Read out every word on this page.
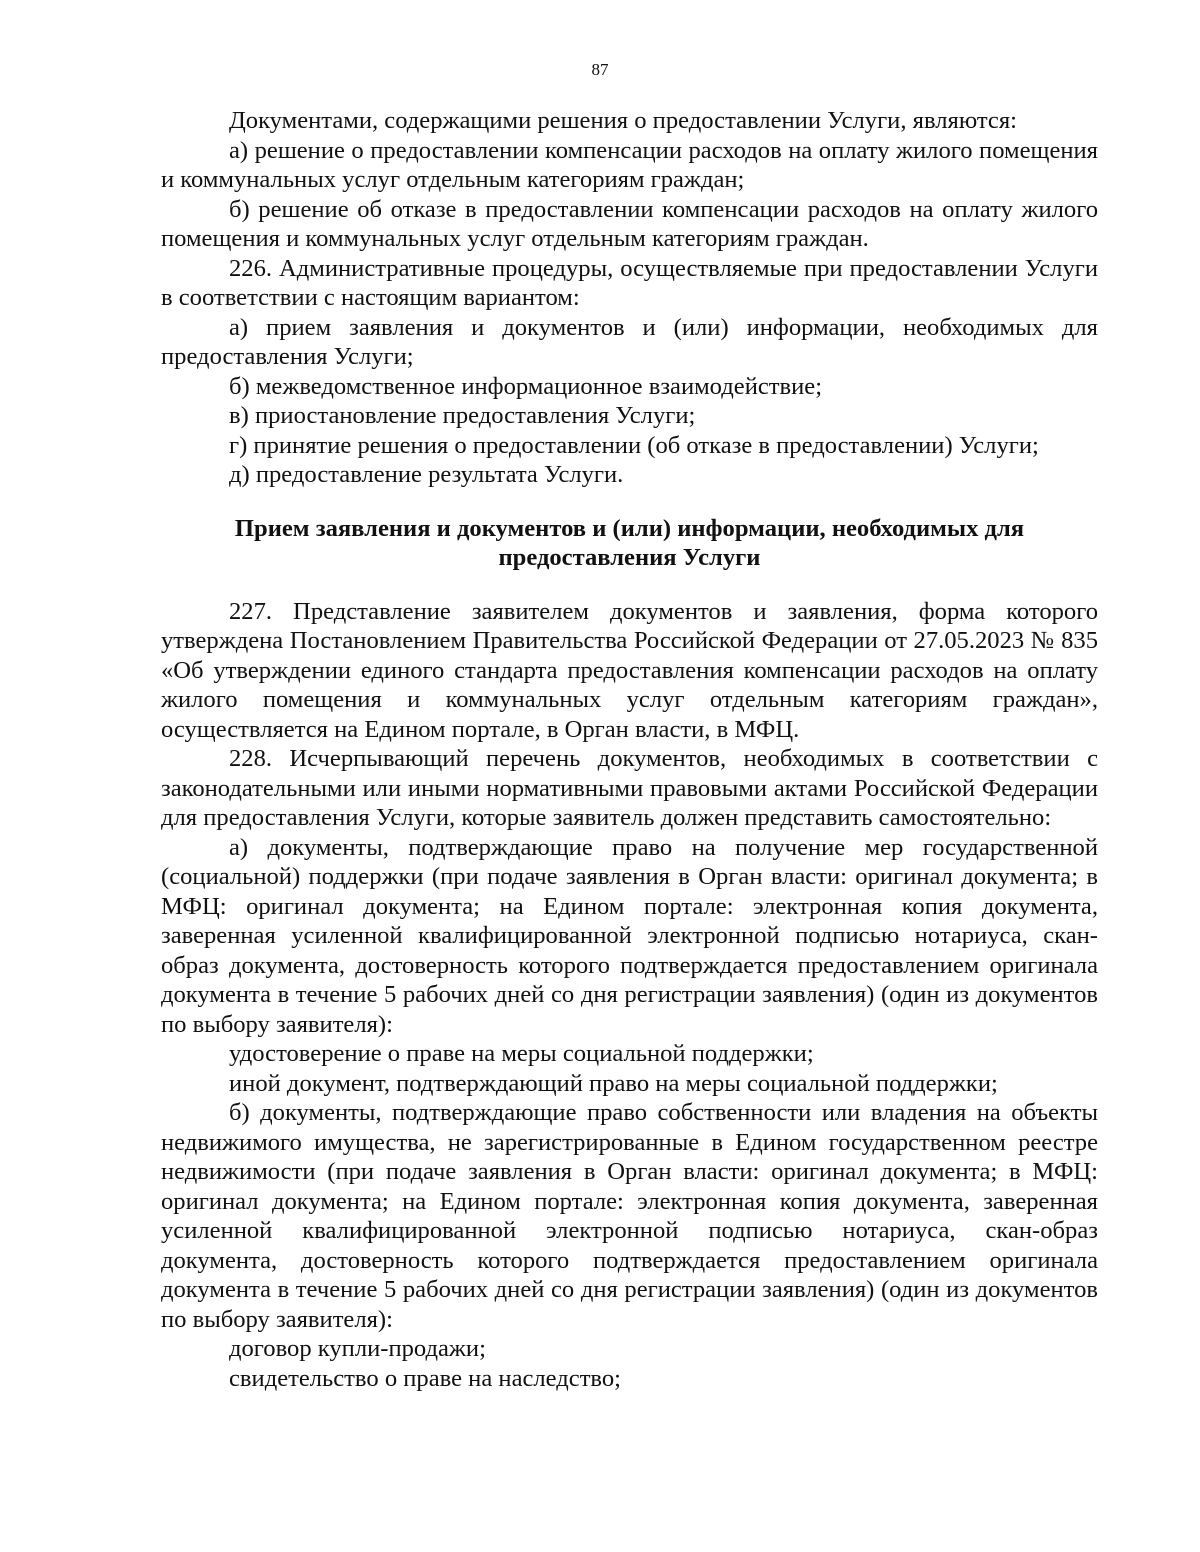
87

Документами, содержащими решения о предоставлении Услуги, являются:

а) решение о предоставлении компенсации расходов на оплату жилого помещения и коммунальных услуг отдельным категориям граждан;

б) решение об отказе в предоставлении компенсации расходов на оплату жилого помещения и коммунальных услуг отдельным категориям граждан.

226. Административные процедуры, осуществляемые при предоставлении Услуги в соответствии с настоящим вариантом:

а) прием заявления и документов и (или) информации, необходимых для предоставления Услуги;

б) межведомственное информационное взаимодействие;

в) приостановление предоставления Услуги;

г) принятие решения о предоставлении (об отказе в предоставлении) Услуги;

д) предоставление результата Услуги.

Прием заявления и документов и (или) информации, необходимых для предоставления Услуги

227. Представление заявителем документов и заявления, форма которого утверждена Постановлением Правительства Российской Федерации от 27.05.2023 № 835 «Об утверждении единого стандарта предоставления компенсации расходов на оплату жилого помещения и коммунальных услуг отдельным категориям граждан», осуществляется на Едином портале, в Орган власти, в МФЦ.

228. Исчерпывающий перечень документов, необходимых в соответствии с законодательными или иными нормативными правовыми актами Российской Федерации для предоставления Услуги, которые заявитель должен представить самостоятельно:

а) документы, подтверждающие право на получение мер государственной (социальной) поддержки (при подаче заявления в Орган власти: оригинал документа; в МФЦ: оригинал документа; на Едином портале: электронная копия документа, заверенная усиленной квалифицированной электронной подписью нотариуса, скан-образ документа, достоверность которого подтверждается предоставлением оригинала документа в течение 5 рабочих дней со дня регистрации заявления) (один из документов по выбору заявителя):

удостоверение о праве на меры социальной поддержки;

иной документ, подтверждающий право на меры социальной поддержки;

б) документы, подтверждающие право собственности или владения на объекты недвижимого имущества, не зарегистрированные в Едином государственном реестре недвижимости (при подаче заявления в Орган власти: оригинал документа; в МФЦ: оригинал документа; на Едином портале: электронная копия документа, заверенная усиленной квалифицированной электронной подписью нотариуса, скан-образ документа, достоверность которого подтверждается предоставлением оригинала документа в течение 5 рабочих дней со дня регистрации заявления) (один из документов по выбору заявителя):

договор купли-продажи;

свидетельство о праве на наследство;
